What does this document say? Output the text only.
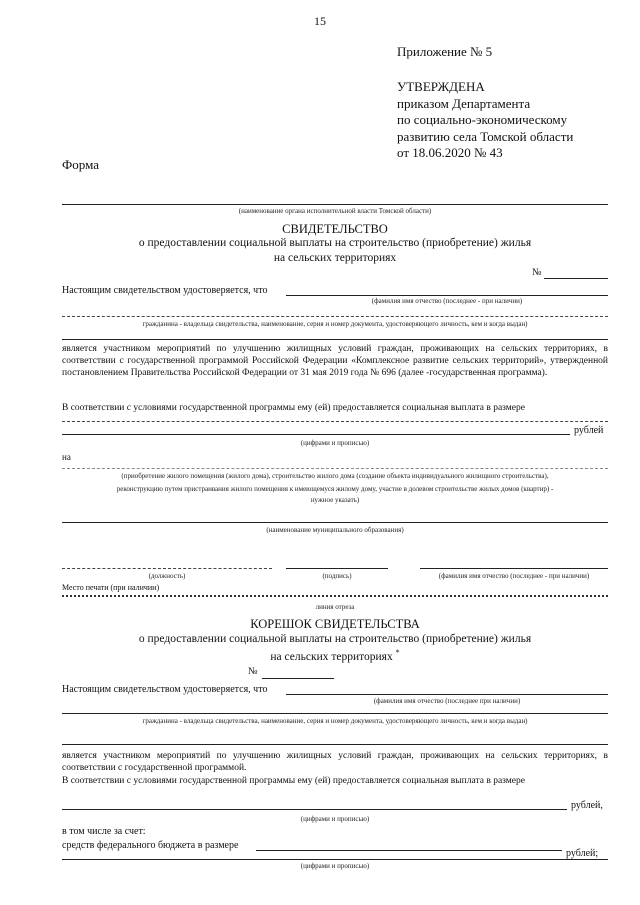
15
Приложение № 5
УТВЕРЖДЕНА
приказом Департамента
по социально-экономическому
развитию села Томской области
от 18.06.2020 № 43
Форма
(наименование органа исполнительной власти Томской области)
СВИДЕТЕЛЬСТВО
о предоставлении социальной выплаты на строительство (приобретение) жилья
на сельских территориях
№
Настоящим свидетельством удостоверяется, что
(фамилия имя отчество (последнее - при наличии)
гражданина - владельца свидетельства, наименование, серия и номер документа, удостоверяющего личность, кем и когда выдан)
является участником мероприятий по улучшению жилищных условий граждан, проживающих на сельских территориях, в соответствии с государственной программой Российской Федерации «Комплексное развитие сельских территорий», утвержденной постановлением Правительства Российской Федерации от 31 мая 2019 года № 696 (далее -государственная программа).
В соответствии с условиями государственной программы ему (ей) предоставляется социальная выплата в размере
рублей
(цифрами и прописью)
на
(приобретение жилого помещения (жилого дома), строительство жилого дома (создание объекта индивидуального жилищного строительства),
реконструкцию путем пристраивания жилого помещения к имеющемуся жилому дому, участие в долевом строительстве жилых домов (квартир) -
нужное указать)
(наименование муниципального образования)
(должность)	(подпись)	(фамилия имя отчество (последнее - при наличии)
Место печати (при наличии)
линия отреза
КОРЕШОК СВИДЕТЕЛЬСТВА
о предоставлении социальной выплаты на строительство (приобретение) жилья
на сельских территориях *
№
Настоящим свидетельством удостоверяется, что
(фамилия имя отчество (последнее при наличии)
гражданина - владельца свидетельства, наименование, серия и номер документа, удостоверяющего личность, кем и когда выдан)
является участником мероприятий по улучшению жилищных условий граждан, проживающих на сельских территориях, в соответствии с государственной программой.
В соответствии с условиями государственной программы ему (ей) предоставляется социальная выплата в размере
рублей,
(цифрами и прописью)
в том числе за счет:
средств федерального бюджета в размере
рублей;
(цифрами и прописью)
